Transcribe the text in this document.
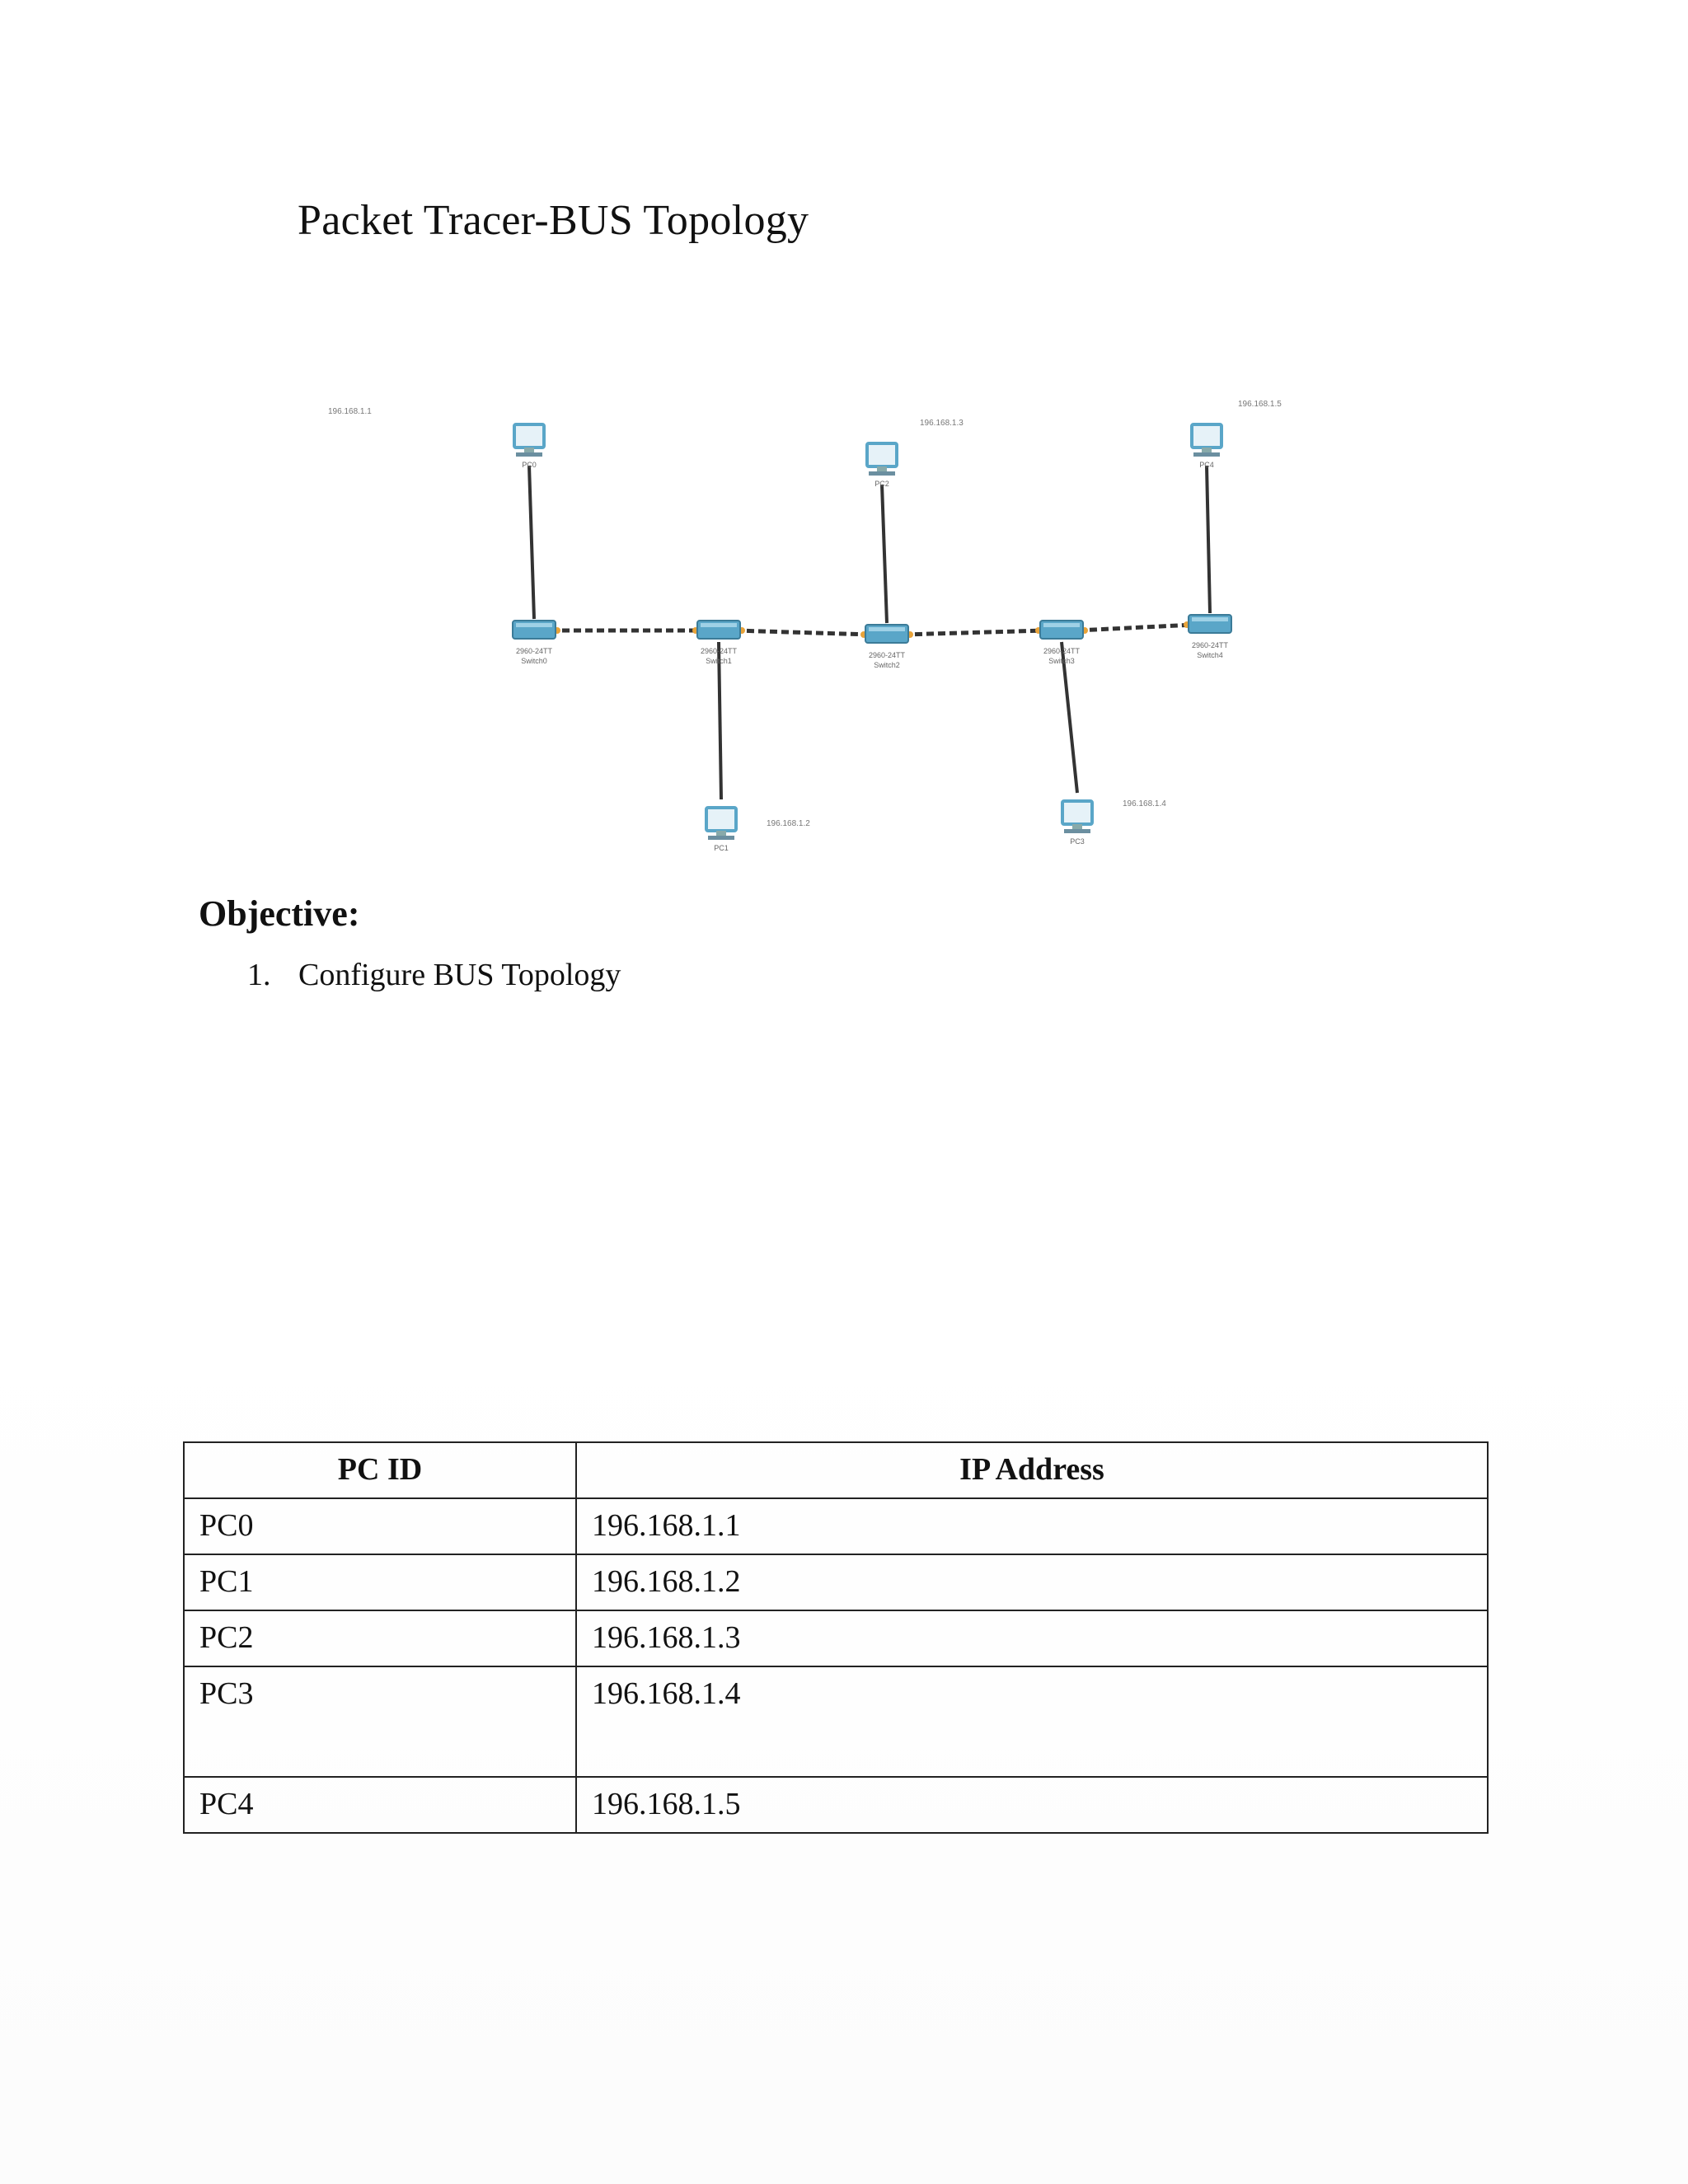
Packet Tracer-BUS Topology
2960-24TT
Switch0
2960-24TT
Switch1
2960-24TT
Switch2
2960-24TT
Switch3
2960-24TT
Switch4
PC0
196.168.1.1
PC1
196.168.1.2
PC2
196.168.1.3
PC3
196.168.1.4
PC4
196.168.1.5
Objective:
1. Configure BUS Topology
PC ID	IP Address
PC0	196.168.1.1
PC1	196.168.1.2
PC2	196.168.1.3
PC3	196.168.1.4
PC4	196.168.1.5
